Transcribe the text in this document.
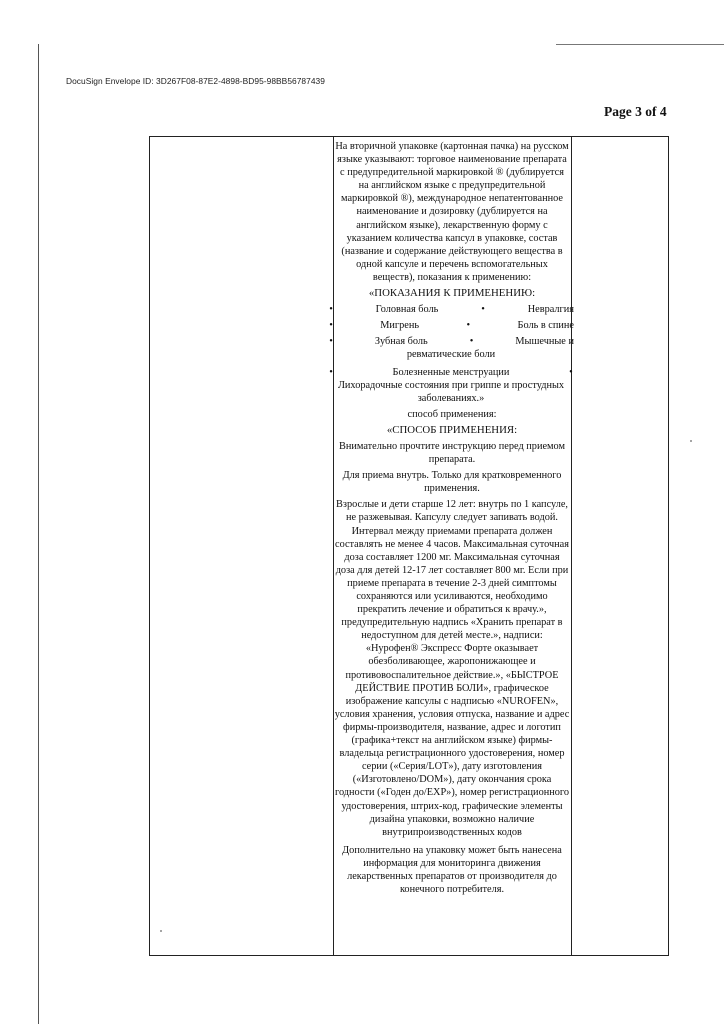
DocuSign Envelope ID: 3D267F08-87E2-4898-BD95-98BB56787439
Page 3 of 4

На вторичной упаковке (картонная пачка) на русском языке указывают: торговое наименование препарата с предупредительной маркировкой ® (дублируется на английском языке с предупредительной маркировкой ®), международное непатентованное наименование и дозировку (дублируется на английском языке), лекарственную форму с указанием количества капсул в упаковке, состав (название и содержание действующего вещества в одной капсуле и перечень вспомогательных веществ), показания к применению:

«ПОКАЗАНИЯ К ПРИМЕНЕНИЮ:

•	Головная боль	•	Невралгия
•	Мигрень	•	Боль в спине
•	Зубная боль	•	Мышечные и
ревматические боли
•	Болезненные менструации	•
Лихорадочные состояния при гриппе и простудных заболеваниях.»

способ применения:

«СПОСОБ ПРИМЕНЕНИЯ:

Внимательно прочтите инструкцию перед приемом препарата.

Для приема внутрь. Только для кратковременного применения.

Взрослые и дети старше 12 лет: внутрь по 1 капсуле, не разжевывая. Капсулу следует запивать водой. Интервал между приемами препарата должен составлять не менее 4 часов. Максимальная суточная доза составляет 1200 мг. Максимальная суточная доза для детей 12-17 лет составляет 800 мг. Если при приеме препарата в течение 2-3 дней симптомы сохраняются или усиливаются, необходимо прекратить лечение и обратиться к врачу.», предупредительную надпись «Хранить препарат в недоступном для детей месте.», надписи: «Нурофен® Экспресс Форте оказывает обезболивающее, жаропонижающее и противовоспалительное действие.», «БЫСТРОЕ ДЕЙСТВИЕ ПРОТИВ БОЛИ», графическое изображение капсулы с надписью «NUROFEN», условия хранения, условия отпуска, название и адрес фирмы-производителя, название, адрес и логотип (графика+текст на английском языке) фирмы-владельца регистрационного удостоверения, номер серии («Серия/LOT»), дату изготовления («Изготовлено/DOM»), дату окончания срока годности («Годен до/EXP»), номер регистрационного удостоверения, штрих-код, графические элементы дизайна упаковки, возможно наличие внутрипроизводственных кодов

Дополнительно на упаковку может быть нанесена информация для мониторинга движения лекарственных препаратов от производителя до конечного потребителя.
